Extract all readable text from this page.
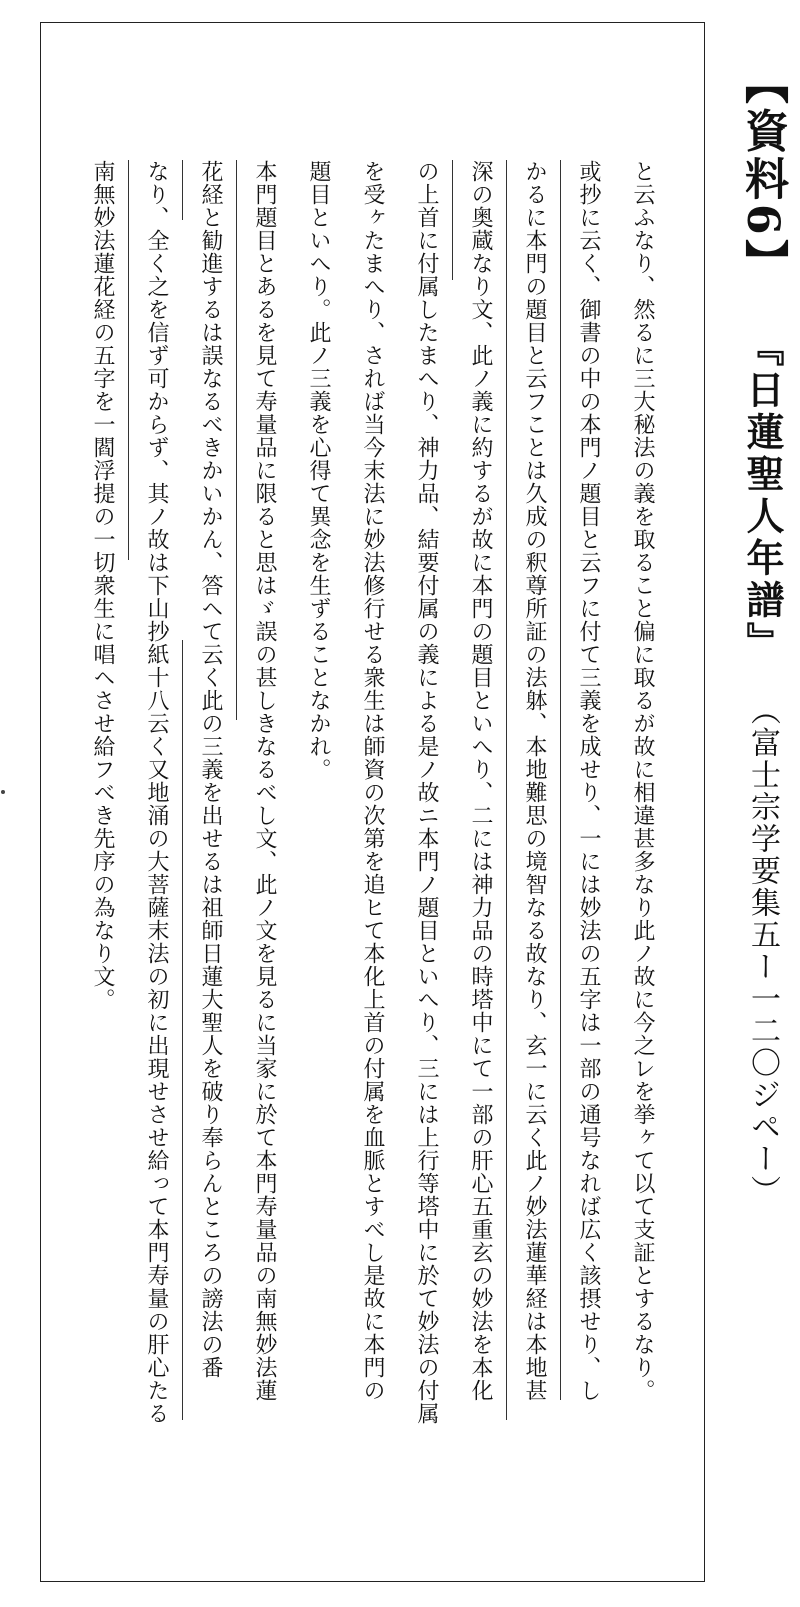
【資料6】 『日蓮聖人年譜』 （富士宗学要集五ー一二〇ジペー）
と云ふなり、然るに三大秘法の義を取ること偏に取るが故に相違甚多なり此ノ故に今之レを挙ヶて以て支証とするなり。
或抄に云く、御書の中の本門ノ題目と云フに付て三義を成せり、一には妙法の五字は一部の通号なれば広く該摂せり、し
かるに本門の題目と云フことは久成の釈尊所証の法躰、本地難思の境智なる故なり、玄一に云く此ノ妙法蓮華経は本地甚
深の奥蔵なり文、此ノ義に約するが故に本門の題目といへり、二には神力品の時塔中にて一部の肝心五重玄の妙法を本化
の上首に付属したまへり、神力品、結要付属の義による是ノ故ニ本門ノ題目といへり、三には上行等塔中に於て妙法の付属
を受ヶたまへり、されば当今末法に妙法修行せる衆生は師資の次第を追ヒて本化上首の付属を血脈とすべし是故に本門の
題目といへり。此ノ三義を心得て異念を生ずることなかれ。
本門題目とあるを見て寿量品に限ると思はゞ誤の甚しきなるべし文、此ノ文を見るに当家に於て本門寿量品の南無妙法蓮
花経と勧進するは誤なるべきかいかん、答ヘて云く此の三義を出せるは祖師日蓮大聖人を破り奉らんところの謗法の番
なり、全く之を信ず可からず、其ノ故は下山抄紙十八云く又地涌の大菩薩末法の初に出現せさせ給って本門寿量の肝心たる
南無妙法蓮花経の五字を一閻浮提の一切衆生に唱ヘさせ給フべき先序の為なり文。
